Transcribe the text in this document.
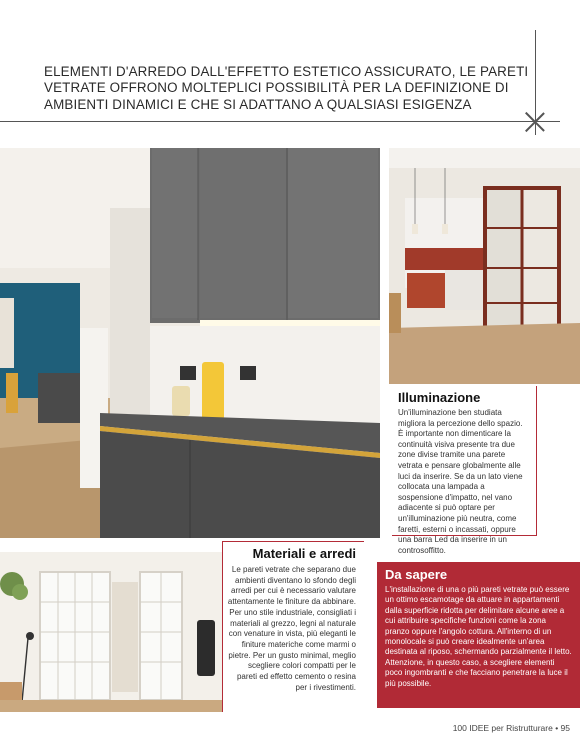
ELEMENTI D'ARREDO DALL'EFFETTO ESTETICO ASSICURATO, LE PARETI VETRATE OFFRONO MOLTEPLICI POSSIBILITÀ PER LA DEFINIZIONE DI AMBIENTI DINAMICI E CHE SI ADATTANO A QUALSIASI ESIGENZA
Illuminazione
Un'illuminazione ben studiata migliora la percezione dello spazio. È importante non dimenticare la continuità visiva presente tra due zone divise tramite una parete vetrata e pensare globalmente alle luci da inserire. Se da un lato viene collocata una lampada a sospensione d'impatto, nel vano adiacente si può optare per un'illuminazione più neutra, come faretti, esterni o incassati, oppure una barra Led da inserire in un controsoffitto.
Materiali e arredi
Le pareti vetrate che separano due ambienti diventano lo sfondo degli arredi per cui è necessario valutare attentamente le finiture da abbinare. Per uno stile industriale, consigliati i materiali al grezzo, legni al naturale con venature in vista, più eleganti le finiture materiche come marmi o pietre. Per un gusto minimal, meglio scegliere colori compatti per le pareti ed effetto cemento o resina per i rivestimenti.
Da sapere
L'installazione di una o più pareti vetrate può essere un ottimo escamotage da attuare in appartamenti dalla superficie ridotta per delimitare alcune aree a cui attribuire specifiche funzioni come la zona pranzo oppure l'angolo cottura. All'interno di un monolocale si può creare idealmente un'area destinata al riposo, schermando parzialmente il letto. Attenzione, in questo caso, a scegliere elementi poco ingombranti e che facciano penetrare la luce il più possibile.
100 IDEE per Ristrutturare • 95
